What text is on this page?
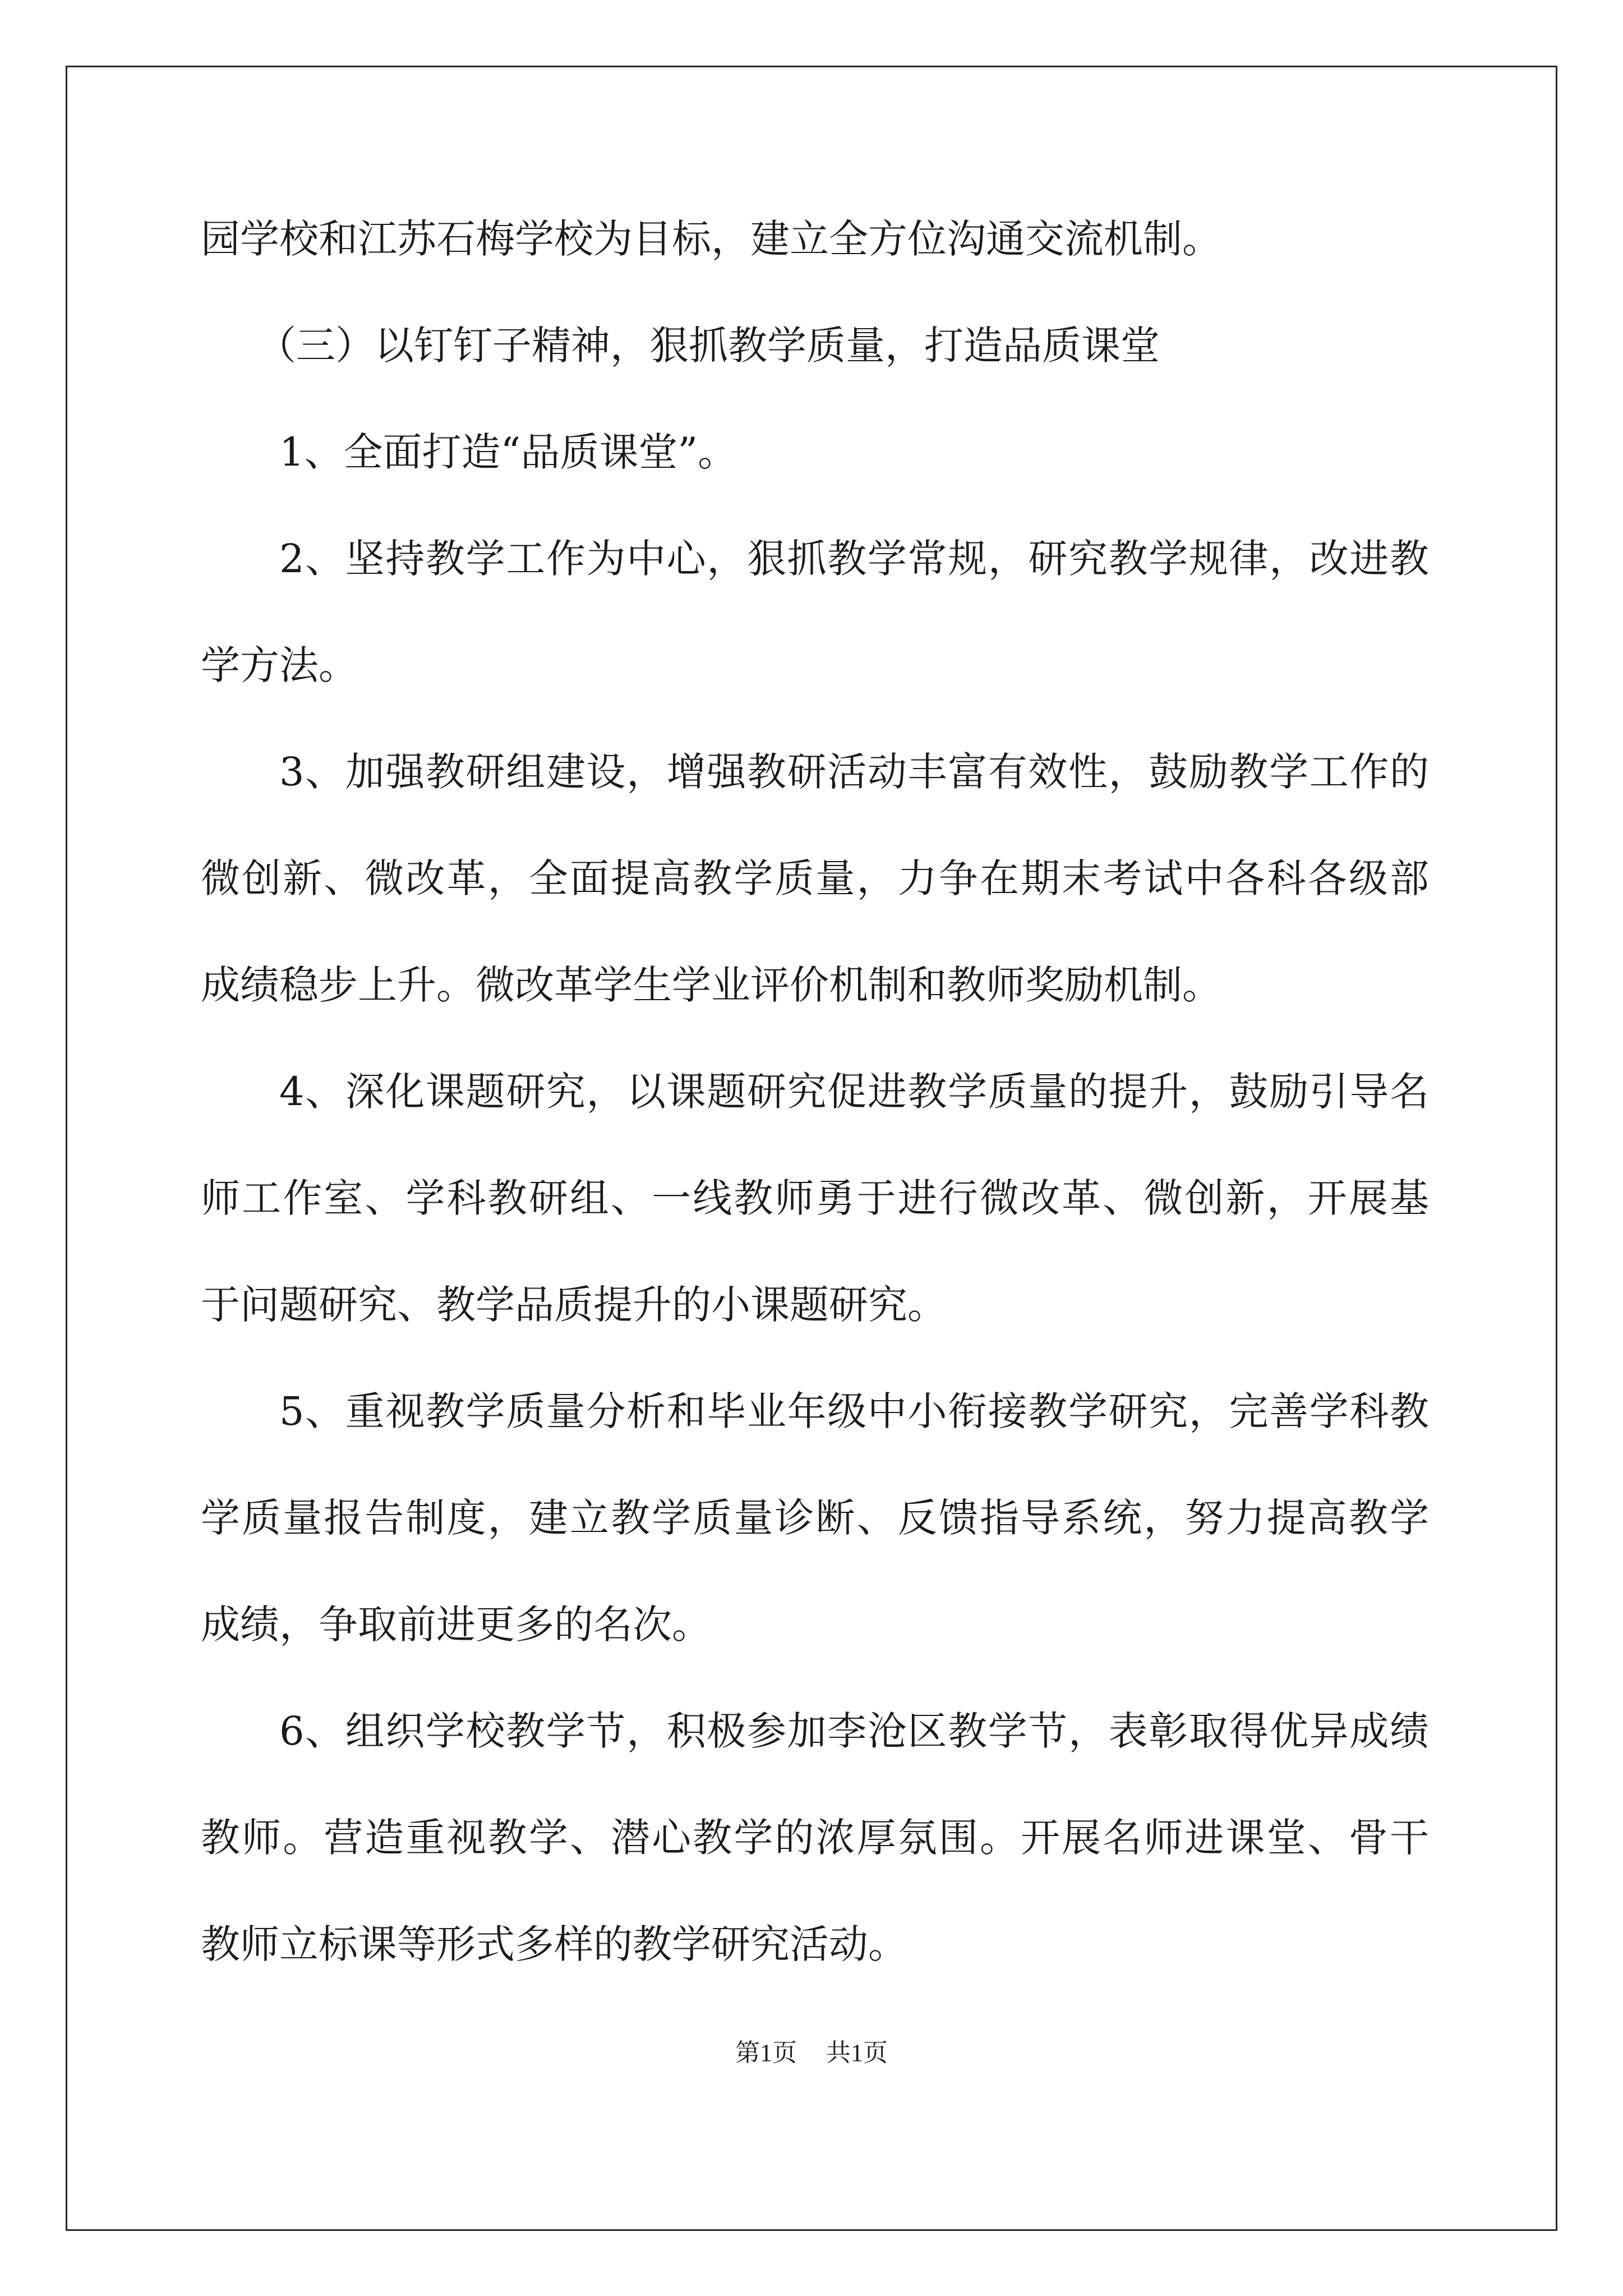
园学校和江苏石梅学校为目标，建立全方位沟通交流机制。
（三）以钉钉子精神，狠抓教学质量，打造品质课堂
1、全面打造“品质课堂”。
2、坚持教学工作为中心，狠抓教学常规，研究教学规律，改进教
学方法。
3、加强教研组建设，增强教研活动丰富有效性，鼓励教学工作的
微创新、微改革，全面提高教学质量，力争在期末考试中各科各级部
成绩稳步上升。微改革学生学业评价机制和教师奖励机制。
4、深化课题研究，以课题研究促进教学质量的提升，鼓励引导名
师工作室、学科教研组、一线教师勇于进行微改革、微创新，开展基
于问题研究、教学品质提升的小课题研究。
5、重视教学质量分析和毕业年级中小衔接教学研究，完善学科教
学质量报告制度，建立教学质量诊断、反馈指导系统，努力提高教学
成绩，争取前进更多的名次。
6、组织学校教学节，积极参加李沧区教学节，表彰取得优异成绩
教师。营造重视教学、潜心教学的浓厚氛围。开展名师进课堂、骨干
教师立标课等形式多样的教学研究活动。
第1页 共1页
